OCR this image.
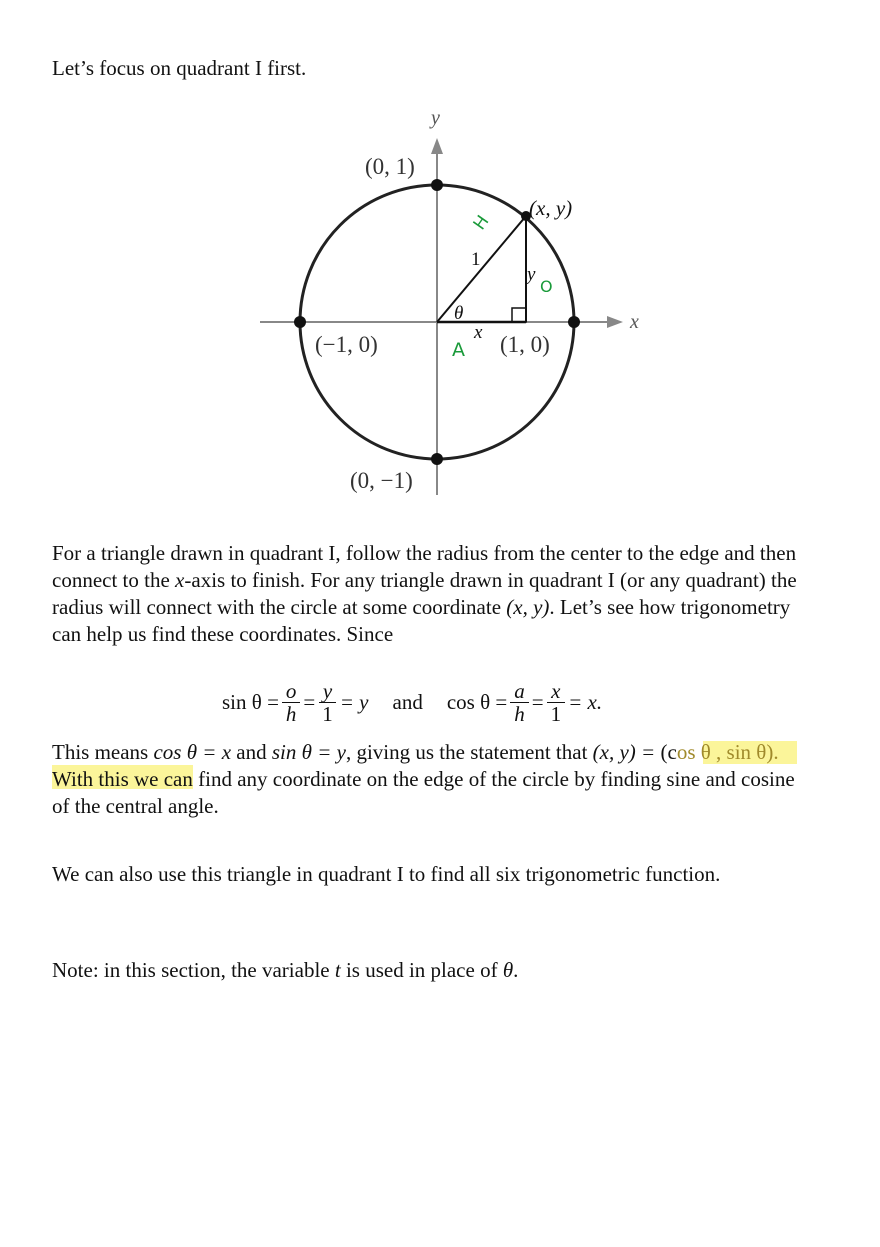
Let’s focus on quadrant I first.

x
y
(0, 1)
(0, −1)
(−1, 0)	(1, 0)
(x, y)
1
y
x
θ
H
O
A

For a triangle drawn in quadrant I, follow the radius from the center to the edge and then connect to the x-axis to finish. For any triangle drawn in quadrant I (or any quadrant) the radius will connect with the circle at some coordinate (x, y). Let’s see how trigonometry can help us find these coordinates. Since

$\sin \theta = \frac{o}{h} = \frac{y}{1} = y$ and $\cos \theta = \frac{a}{h} = \frac{x}{1} = x$.

This means cos θ = x and sin θ = y, giving us the statement that (x, y) = (cos θ , sin θ). With this we can find any coordinate on the edge of the circle by finding sine and cosine of the central angle.

We can also use this triangle in quadrant I to find all six trigonometric function.

Note: in this section, the variable t is used in place of θ.
